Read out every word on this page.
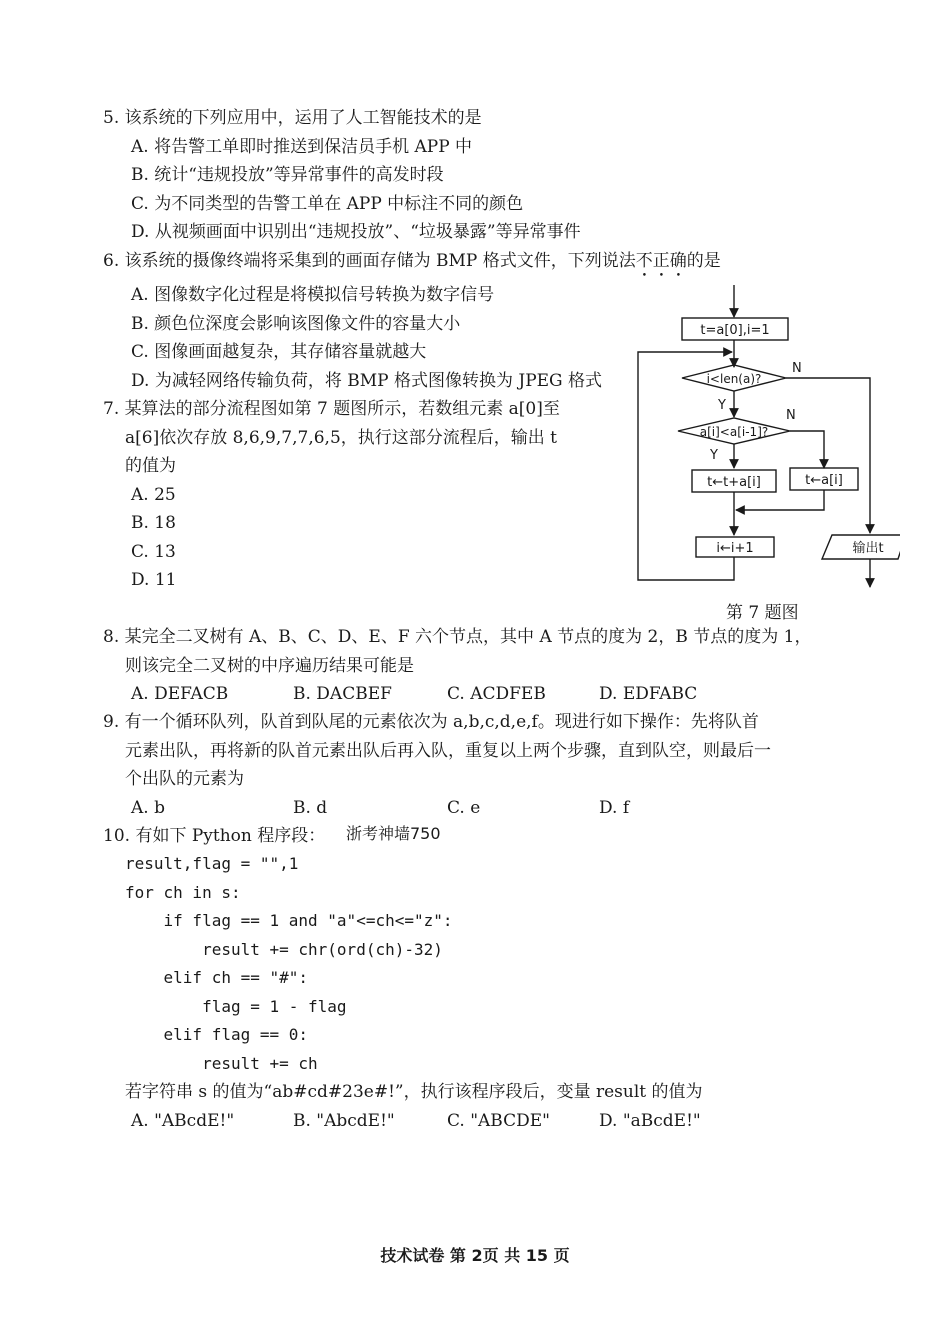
5. 该系统的下列应用中，运用了人工智能技术的是
A. 将告警工单即时推送到保洁员手机 APP 中
B. 统计“违规投放”等异常事件的高发时段
C. 为不同类型的告警工单在 APP 中标注不同的颜色
D. 从视频画面中识别出“违规投放”、“垃圾暴露”等异常事件
6. 该系统的摄像终端将采集到的画面存储为 BMP 格式文件，下列说法不正确的是
A. 图像数字化过程是将模拟信号转换为数字信号
B. 颜色位深度会影响该图像文件的容量大小
C. 图像画面越复杂，其存储容量就越大
D. 为减轻网络传输负荷，将 BMP 格式图像转换为 JPEG 格式
7. 某算法的部分流程图如第 7 题图所示，若数组元素 a[0]至
a[6]依次存放 8,6,9,7,7,6,5，执行这部分流程后，输出 t
的值为
A. 25
B. 18
C. 13
D. 11
t=a[0],i=1
i<len(a)?
a[i]<a[i-1]?
N
Y
N
Y
t←t+a[i]	t←a[i]
i←i+1	输出t
第 7 题图
8. 某完全二叉树有 A、B、C、D、E、F 六个节点，其中 A 节点的度为 2，B 节点的度为 1，
则该完全二叉树的中序遍历结果可能是
A. DEFACB	B. DACBEF	C. ACDFEB	D. EDFABC
9. 有一个循环队列，队首到队尾的元素依次为 a,b,c,d,e,f。现进行如下操作：先将队首
元素出队，再将新的队首元素出队后再入队，重复以上两个步骤，直到队空，则最后一
个出队的元素为
A. b	B. d	C. e	D. f
10. 有如下 Python 程序段： 浙考神墙750
result,flag = "",1
for ch in s:
if flag == 1 and "a"<=ch<="z":
result += chr(ord(ch)-32)
elif ch == "#":
flag = 1 - flag
elif flag == 0:
result += ch
若字符串 s 的值为“ab#cd#23e#!”，执行该程序段后，变量 result 的值为
A. "ABcdE!"	B. "AbcdE!"	C. "ABCDE"	D. "aBcdE!"
技术试卷 第 2页 共 15 页
